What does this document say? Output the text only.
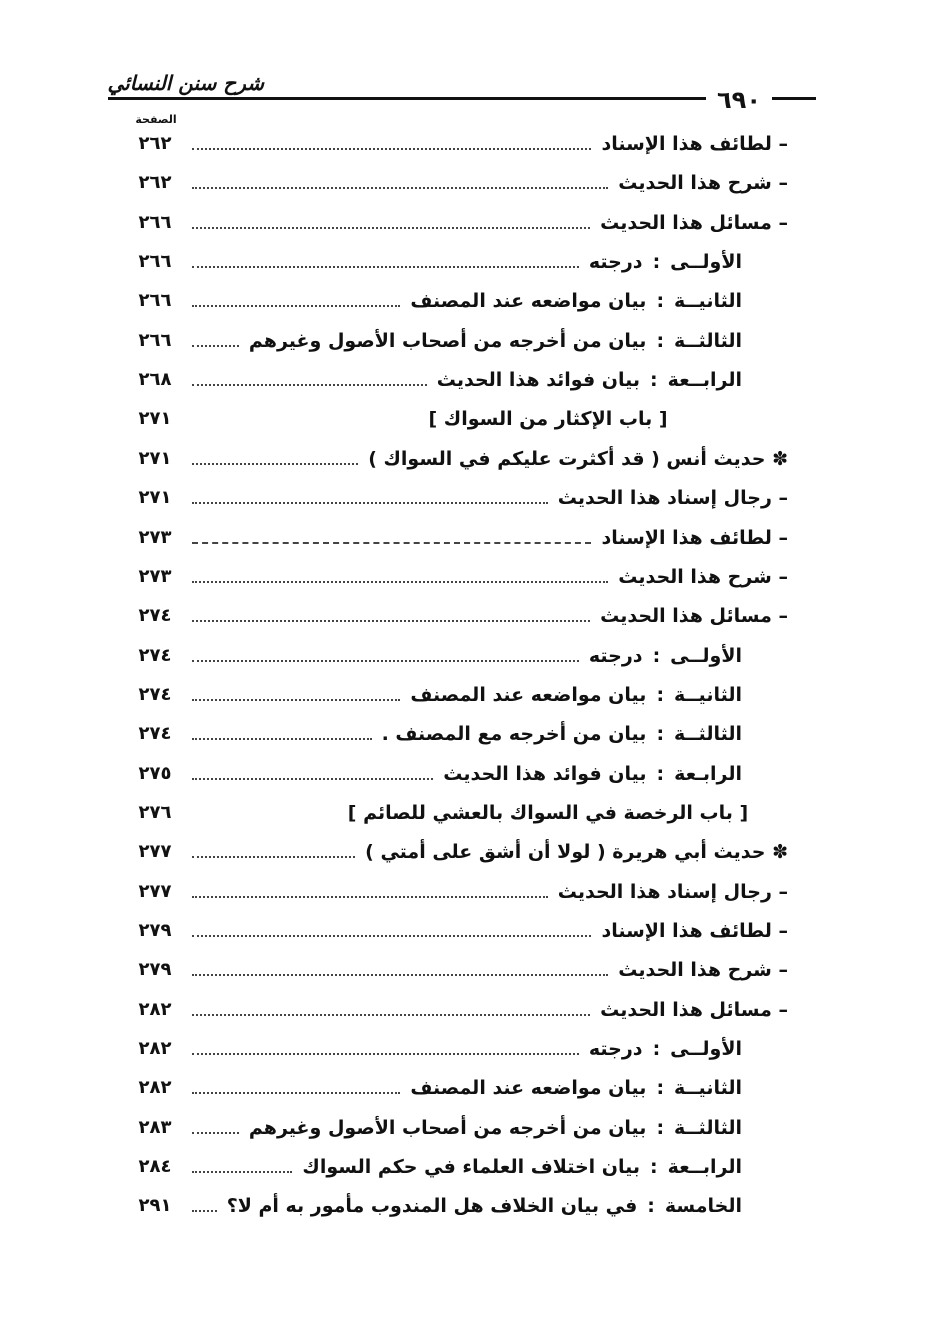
شرح سنن النسائي
٦٩٠
الصفحة
– لطائف هذا الإسناد
٢٦٢
– شرح هذا الحديث
٢٦٢
– مسائل هذا الحديث
٢٦٦
الأولــى:درجته
٢٦٦
الثانيــة:بيان مواضعه عند المصنف
٢٦٦
الثالثــة:بيان من أخرجه من أصحاب الأصول وغيرهم
٢٦٦
الرابــعة:بيان فوائد هذا الحديث
٢٦٨
[ باب الإكثار من السواك ]
٢٧١
✽ حديث أنس ( قد أكثرت عليكم في السواك )
٢٧١
– رجال إسناد هذا الحديث
٢٧١
– لطائف هذا الإسناد
٢٧٣
– شرح هذا الحديث
٢٧٣
– مسائل هذا الحديث
٢٧٤
الأولــى:درجته
٢٧٤
الثانيــة:بيان مواضعه عند المصنف
٢٧٤
الثالثــة:بيان من أخرجه مع المصنف .
٢٧٤
الرابـعة:بيان فوائد هذا الحديث
٢٧٥
[ باب الرخصة في السواك بالعشي للصائم ]
٢٧٦
✽ حديث أبي هريرة ( لولا أن أشق على أمتي )
٢٧٧
– رجال إسناد هذا الحديث
٢٧٧
– لطائف هذا الإسناد
٢٧٩
– شرح هذا الحديث
٢٧٩
– مسائل هذا الحديث
٢٨٢
الأولــى:درجته
٢٨٢
الثانيــة:بيان مواضعه عند المصنف
٢٨٢
الثالثــة:بيان من أخرجه من أصحاب الأصول وغيرهم
٢٨٣
الرابــعة:بيان اختلاف العلماء في حكم السواك
٢٨٤
الخامسة:في بيان الخلاف هل المندوب مأمور به أم لا؟
٢٩١
